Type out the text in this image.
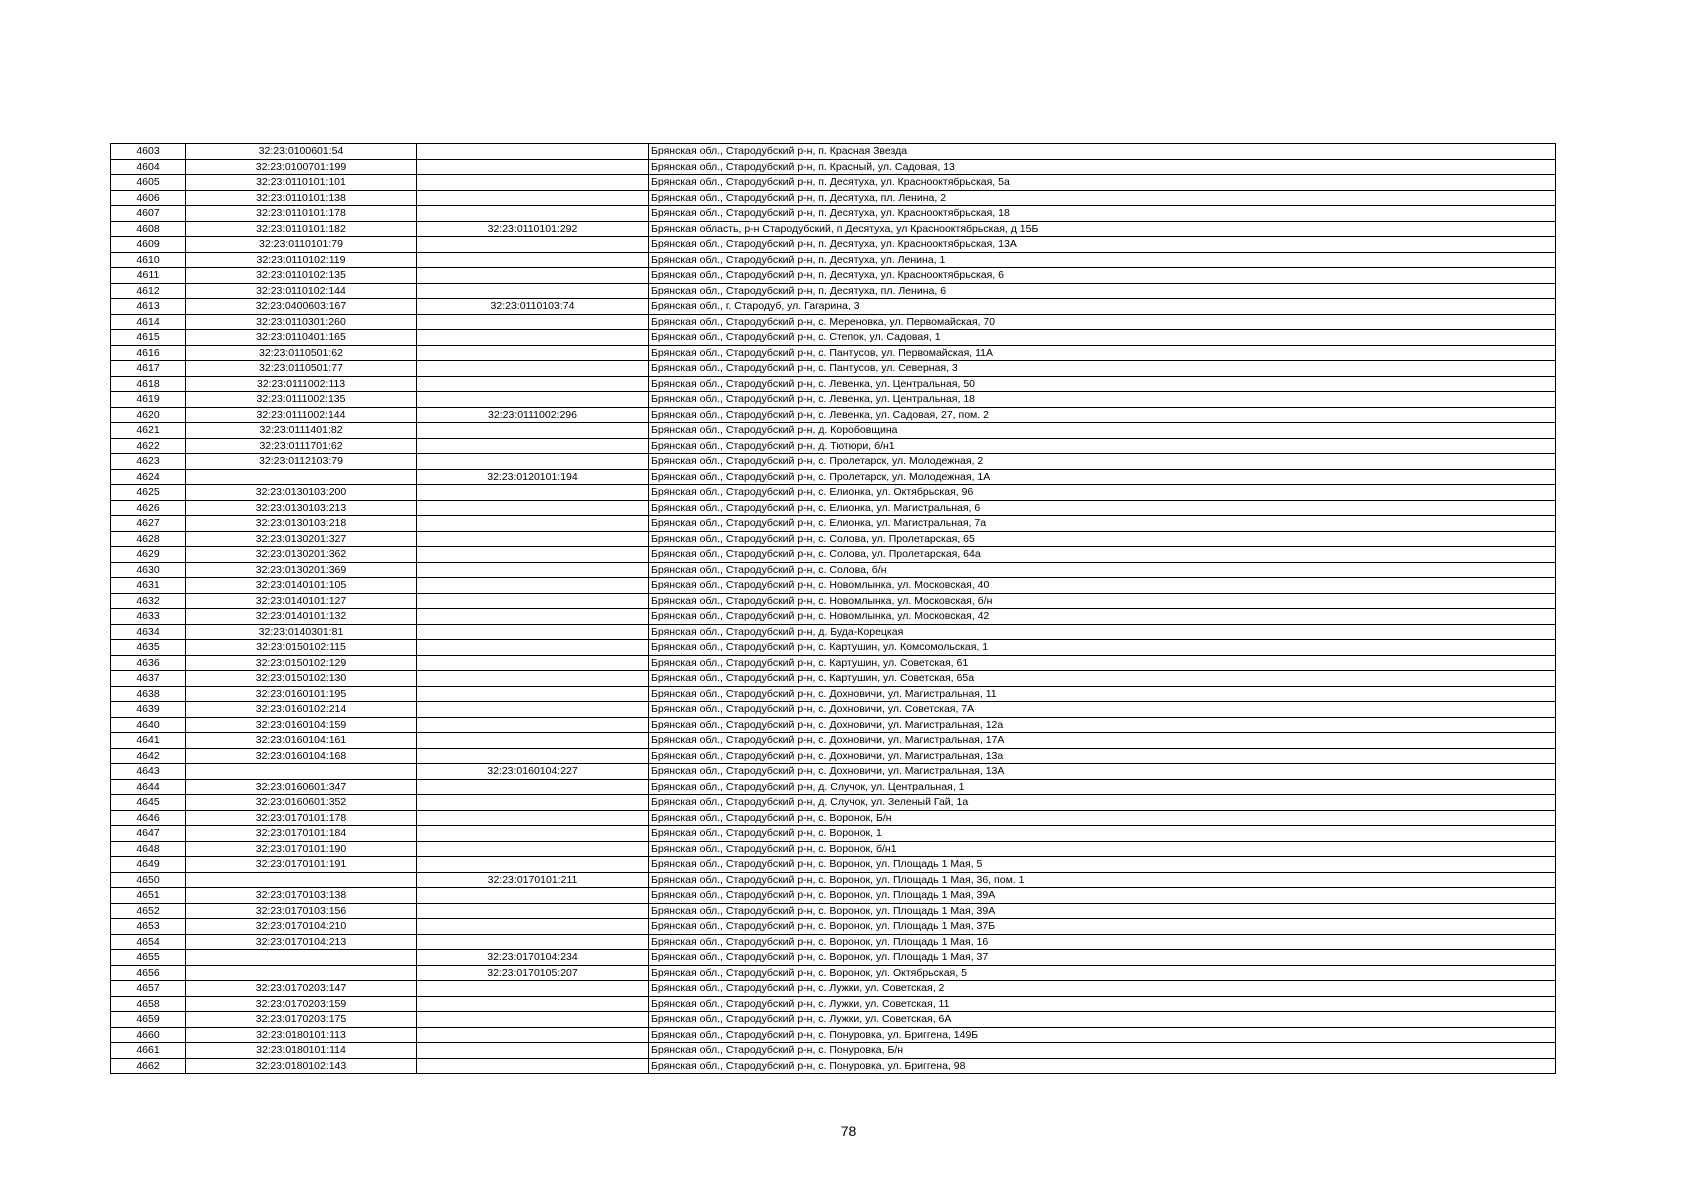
4603	32:23:0100601:54		Брянская обл., Стародубский р-н, п. Красная Звезда
4604	32:23:0100701:199		Брянская обл., Стародубский р-н, п. Красный, ул. Садовая, 13
4605	32:23:0110101:101		Брянская обл., Стародубский р-н, п. Десятуха, ул. Краснооктябрьская, 5а
4606	32:23:0110101:138		Брянская обл., Стародубский р-н, п. Десятуха, пл. Ленина, 2
4607	32:23:0110101:178		Брянская обл., Стародубский р-н, п. Десятуха, ул. Краснооктябрьская, 18
4608	32:23:0110101:182	32:23:0110101:292	Брянская область, р-н Стародубский, п Десятуха, ул Краснооктябрьская, д 15Б
4609	32:23:0110101:79		Брянская обл., Стародубский р-н, п. Десятуха, ул. Краснооктябрьская, 13А
4610	32:23:0110102:119		Брянская обл., Стародубский р-н, п. Десятуха, ул. Ленина, 1
4611	32:23:0110102:135		Брянская обл., Стародубский р-н, п. Десятуха, ул. Краснооктябрьская, 6
4612	32:23:0110102:144		Брянская обл., Стародубский р-н, п. Десятуха, пл. Ленина, 6
4613	32:23:0400603:167	32:23:0110103:74	Брянская обл., г. Стародуб, ул. Гагарина, 3
4614	32:23:0110301:260		Брянская обл., Стародубский р-н, с. Мереновка, ул. Первомайская, 70
4615	32:23:0110401:165		Брянская обл., Стародубский р-н, с. Степок, ул. Садовая, 1
4616	32:23:0110501:62		Брянская обл., Стародубский р-н, с. Пантусов, ул. Первомайская, 11А
4617	32:23:0110501:77		Брянская обл., Стародубский р-н, с. Пантусов, ул. Северная, 3
4618	32:23:0111002:113		Брянская обл., Стародубский р-н, с. Левенка, ул. Центральная, 50
4619	32:23:0111002:135		Брянская обл., Стародубский р-н, с. Левенка, ул. Центральная, 18
4620	32:23:0111002:144	32:23:0111002:296	Брянская обл., Стародубский р-н, с. Левенка, ул. Садовая, 27, пом. 2
4621	32:23:0111401:82		Брянская обл., Стародубский р-н, д. Коробовщина
4622	32:23:0111701:62		Брянская обл., Стародубский р-н, д. Тютюри, б/н1
4623	32:23:0112103:79		Брянская обл., Стародубский р-н, с. Пролетарск, ул. Молодежная, 2
4624		32:23:0120101:194	Брянская обл., Стародубский р-н, с. Пролетарск, ул. Молодежная, 1А
4625	32:23:0130103:200		Брянская обл., Стародубский р-н, с. Елионка, ул. Октябрьская, 96
4626	32:23:0130103:213		Брянская обл., Стародубский р-н, с. Елионка, ул. Магистральная, 6
4627	32:23:0130103:218		Брянская обл., Стародубский р-н, с. Елионка, ул. Магистральная, 7а
4628	32:23:0130201:327		Брянская обл., Стародубский р-н, с. Солова, ул. Пролетарская, 65
4629	32:23:0130201:362		Брянская обл., Стародубский р-н, с. Солова, ул. Пролетарская, 64а
4630	32:23:0130201:369		Брянская обл., Стародубский р-н, с. Солова, б/н
4631	32:23:0140101:105		Брянская обл., Стародубский р-н, с. Новомлынка, ул. Московская, 40
4632	32:23:0140101:127		Брянская обл., Стародубский р-н, с. Новомлынка, ул. Московская, б/н
4633	32:23:0140101:132		Брянская обл., Стародубский р-н, с. Новомлынка, ул. Московская, 42
4634	32:23:0140301:81		Брянская обл., Стародубский р-н, д. Буда-Корецкая
4635	32:23:0150102:115		Брянская обл., Стародубский р-н, с. Картушин, ул. Комсомольская, 1
4636	32:23:0150102:129		Брянская обл., Стародубский р-н, с. Картушин, ул. Советская, 61
4637	32:23:0150102:130		Брянская обл., Стародубский р-н, с. Картушин, ул. Советская, 65а
4638	32:23:0160101:195		Брянская обл., Стародубский р-н, с. Дохновичи, ул. Магистральная, 11
4639	32:23:0160102:214		Брянская обл., Стародубский р-н, с. Дохновичи, ул. Советская, 7А
4640	32:23:0160104:159		Брянская обл., Стародубский р-н, с. Дохновичи, ул. Магистральная, 12а
4641	32:23:0160104:161		Брянская обл., Стародубский р-н, с. Дохновичи, ул. Магистральная, 17А
4642	32:23:0160104:168		Брянская обл., Стародубский р-н, с. Дохновичи, ул. Магистральная, 13а
4643		32:23:0160104:227	Брянская обл., Стародубский р-н, с. Дохновичи, ул. Магистральная, 13А
4644	32:23:0160601:347		Брянская обл., Стародубский р-н, д. Случок, ул. Центральная, 1
4645	32:23:0160601:352		Брянская обл., Стародубский р-н, д. Случок, ул. Зеленый Гай, 1а
4646	32:23:0170101:178		Брянская обл., Стародубский р-н, с. Воронок, Б/н
4647	32:23:0170101:184		Брянская обл., Стародубский р-н, с. Воронок, 1
4648	32:23:0170101:190		Брянская обл., Стародубский р-н, с. Воронок, б/н1
4649	32:23:0170101:191		Брянская обл., Стародубский р-н, с. Воронок, ул. Площадь 1 Мая, 5
4650		32:23:0170101:211	Брянская обл., Стародубский р-н, с. Воронок, ул. Площадь 1 Мая, 36, пом. 1
4651	32:23:0170103:138		Брянская обл., Стародубский р-н, с. Воронок, ул. Площадь 1 Мая, 39А
4652	32:23:0170103:156		Брянская обл., Стародубский р-н, с. Воронок, ул. Площадь 1 Мая, 39А
4653	32:23:0170104:210		Брянская обл., Стародубский р-н, с. Воронок, ул. Площадь 1 Мая, 37Б
4654	32:23:0170104:213		Брянская обл., Стародубский р-н, с. Воронок, ул. Площадь 1 Мая, 16
4655		32:23:0170104:234	Брянская обл., Стародубский р-н, с. Воронок, ул. Площадь 1 Мая, 37
4656		32:23:0170105:207	Брянская обл., Стародубский р-н, с. Воронок, ул. Октябрьская, 5
4657	32:23:0170203:147		Брянская обл., Стародубский р-н, с. Лужки, ул. Советская, 2
4658	32:23:0170203:159		Брянская обл., Стародубский р-н, с. Лужки, ул. Советская, 11
4659	32:23:0170203:175		Брянская обл., Стародубский р-н, с. Лужки, ул. Советская, 6А
4660	32:23:0180101:113		Брянская обл., Стародубский р-н, с. Понуровка, ул. Бриггена, 149Б
4661	32:23:0180101:114		Брянская обл., Стародубский р-н, с. Понуровка, Б/н
4662	32:23:0180102:143		Брянская обл., Стародубский р-н, с. Понуровка, ул. Бриггена, 98
78
